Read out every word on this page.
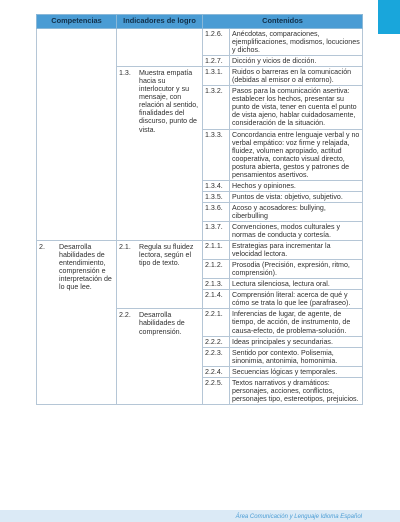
Competencias	Indicadores de logro	Contenidos	
		1.2.6.	Anécdotas, comparaciones, ejemplificaciones, modismos, locuciones y dichos.
		1.2.7.	Dicción y vicios de dicción.

	1.3. Muestra empatía hacia su interlocutor y su mensaje, con relación al sentido, finalidades del discurso, punto de vista.	1.3.1.	Ruidos o barreras en la comunicación (debidas al emisor o al entorno).
		1.3.2.	Pasos para la comunicación asertiva: establecer los hechos, presentar su punto de vista, tener en cuenta el punto de vista ajeno, hablar cuidadosamente, consideración de la situación.
		1.3.3.	Concordancia entre lenguaje verbal y no verbal empático: voz firme y relajada, fluidez, volumen apropiado, actitud cooperativa, contacto visual directo, postura abierta, gestos y patrones de pensamientos asertivos.
		1.3.4.	Hechos y opiniones.
		1.3.5.	Puntos de vista: objetivo, subjetivo.
		1.3.6.	Acoso y acosadores: bullying, ciberbulling
		1.3.7.	Convenciones, modos culturales y normas de conducta y cortesía.

2. Desarrolla habilidades de entendimiento, comprensión e interpretación de lo que lee.	2.1. Regula su fluidez lectora, según el tipo de texto.	2.1.1.	Estrategias para incrementar la velocidad lectora.
		2.1.2.	Prosodia (Precisión, expresión, ritmo, comprensión).
		2.1.3.	Lectura silenciosa, lectura oral.
		2.1.4.	Comprensión literal: acerca de qué y cómo se trata lo que lee (parafraseo).

	2.2. Desarrolla habilidades de comprensión.	2.2.1.	Inferencias de lugar, de agente, de tiempo, de acción, de instrumento, de causa-efecto, de problema-solución.
		2.2.2.	Ideas principales y secundarias.
		2.2.3.	Sentido por contexto. Polisemia, sinonimia, antonimia, homonimia.
		2.2.4.	Secuencias lógicas y temporales.
		2.2.5.	Textos narrativos y dramáticos: personajes, acciones, conflictos, personajes tipo, estereotipos, prejuicios.
Área Comunicación y Lenguaje Idioma Español
